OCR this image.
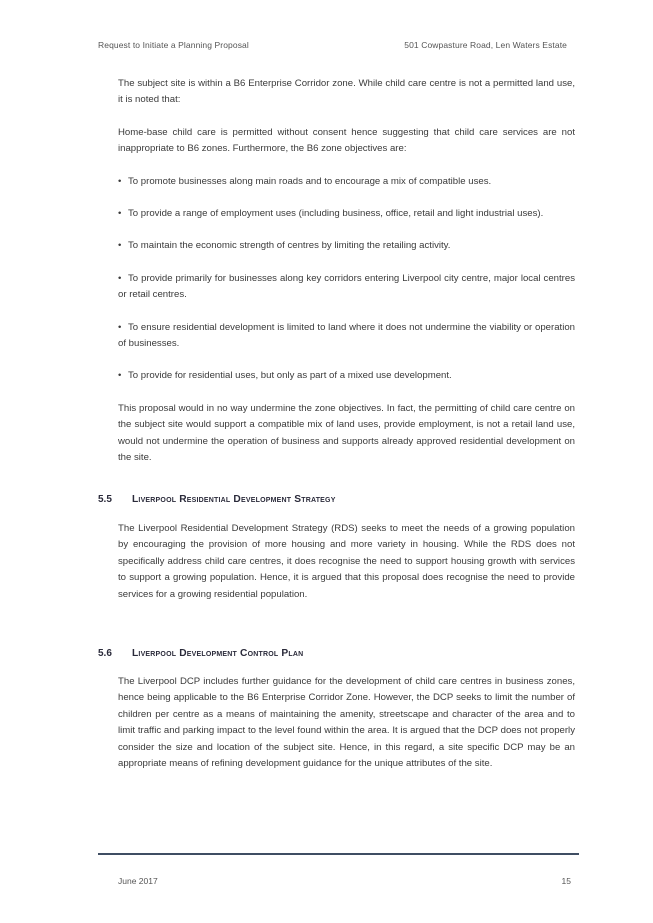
Request to Initiate a Planning Proposal	501 Cowpasture Road, Len Waters Estate

The subject site is within a B6 Enterprise Corridor zone. While child care centre is not a permitted land use, it is noted that:

Home-base child care is permitted without consent hence suggesting that child care services are not inappropriate to B6 zones. Furthermore, the B6 zone objectives are:

• To promote businesses along main roads and to encourage a mix of compatible uses.

• To provide a range of employment uses (including business, office, retail and light industrial uses).

• To maintain the economic strength of centres by limiting the retailing activity.

• To provide primarily for businesses along key corridors entering Liverpool city centre, major local centres or retail centres.

• To ensure residential development is limited to land where it does not undermine the viability or operation of businesses.

• To provide for residential uses, but only as part of a mixed use development.

This proposal would in no way undermine the zone objectives. In fact, the permitting of child care centre on the subject site would support a compatible mix of land uses, provide employment, is not a retail land use, would not undermine the operation of business and supports already approved residential development on the site.

5.5	Liverpool Residential Development Strategy

The Liverpool Residential Development Strategy (RDS) seeks to meet the needs of a growing population by encouraging the provision of more housing and more variety in housing. While the RDS does not specifically address child care centres, it does recognise the need to support housing growth with services to support a growing population. Hence, it is argued that this proposal does recognise the need to provide services for a growing residential population.

5.6	Liverpool Development Control Plan

The Liverpool DCP includes further guidance for the development of child care centres in business zones, hence being applicable to the B6 Enterprise Corridor Zone. However, the DCP seeks to limit the number of children per centre as a means of maintaining the amenity, streetscape and character of the area and to limit traffic and parking impact to the level found within the area. It is argued that the DCP does not properly consider the size and location of the subject site. Hence, in this regard, a site specific DCP may be an appropriate means of refining development guidance for the unique attributes of the site.

June 2017	15
